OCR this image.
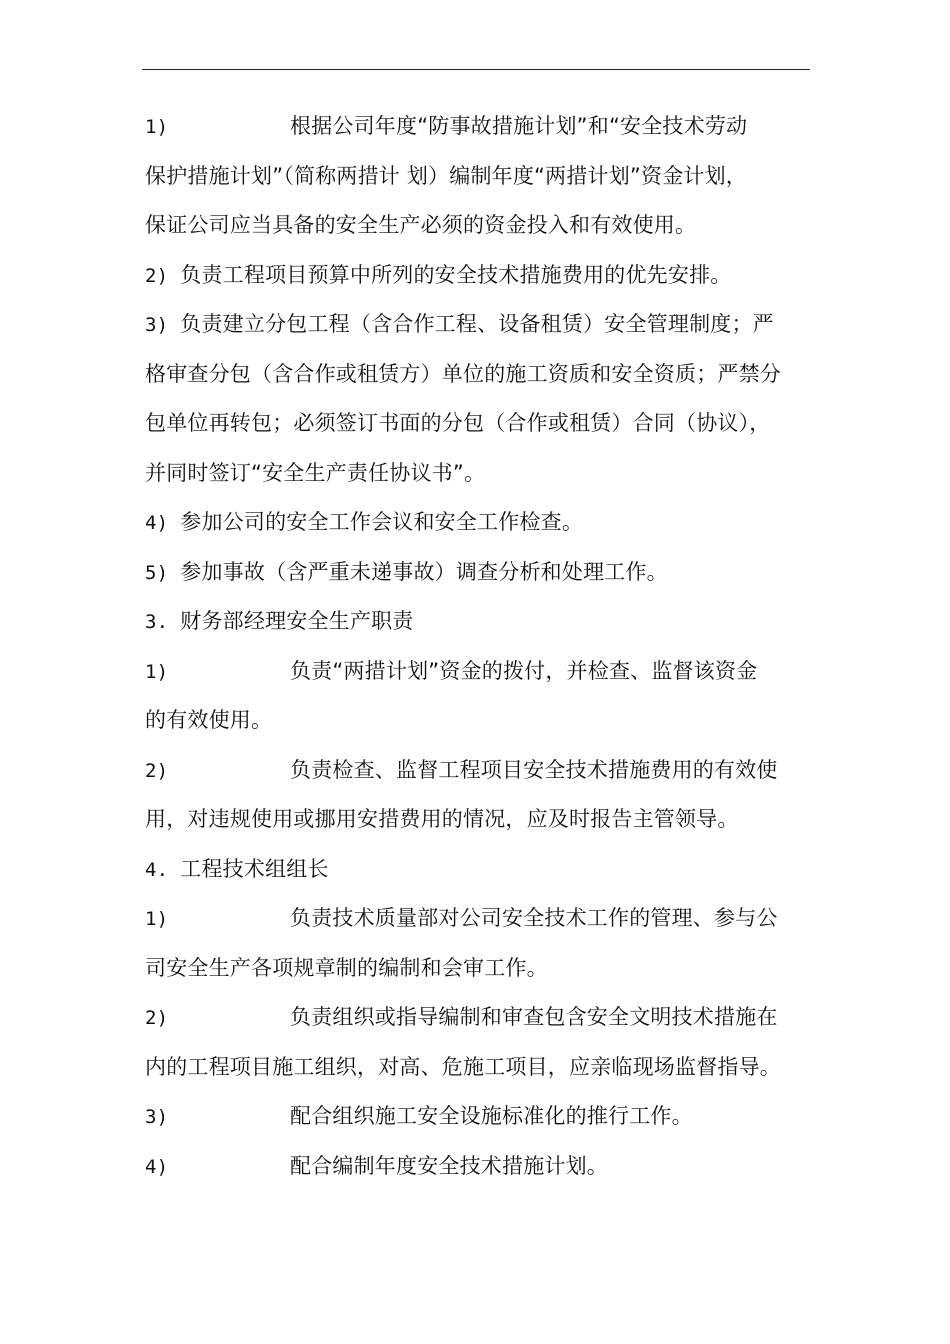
1)	根据公司年度“防事故措施计划”和“安全技术劳动
保护措施计划”（简称两措计 划）编制年度“两措计划”资金计划，
保证公司应当具备的安全生产必须的资金投入和有效使用。
2) 负责工程项目预算中所列的安全技术措施费用的优先安排。
3) 负责建立分包工程（含合作工程、设备租赁）安全管理制度；严
格审查分包（含合作或租赁方）单位的施工资质和安全资质；严禁分
包单位再转包；必须签订书面的分包（合作或租赁）合同（协议），
并同时签订“安全生产责任协议书”。
4) 参加公司的安全工作会议和安全工作检查。
5) 参加事故（含严重未递事故）调查分析和处理工作。
3. 财务部经理安全生产职责
1)	负责“两措计划”资金的拨付，并检查、监督该资金
的有效使用。
2)	负责检查、监督工程项目安全技术措施费用的有效使
用，对违规使用或挪用安措费用的情况，应及时报告主管领导。
4. 工程技术组组长
1)	负责技术质量部对公司安全技术工作的管理、参与公
司安全生产各项规章制的编制和会审工作。
2)	负责组织或指导编制和审查包含安全文明技术措施在
内的工程项目施工组织，对高、危施工项目，应亲临现场监督指导。
3)	配合组织施工安全设施标准化的推行工作。
4)	配合编制年度安全技术措施计划。
